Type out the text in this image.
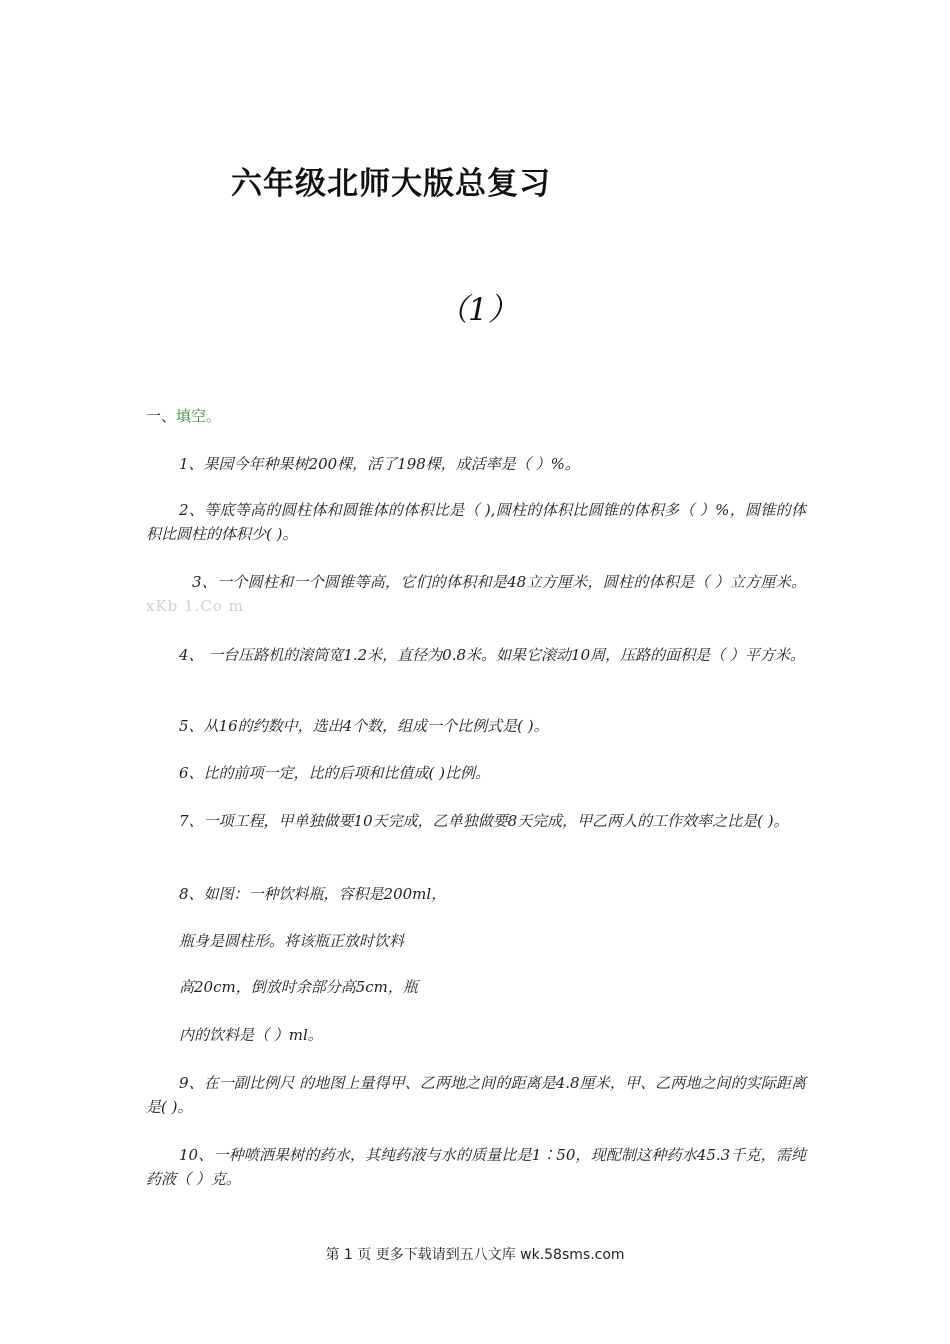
六年级北师大版总复习
（1）
一、填空。
1、果园今年种果树200棵，活了198棵，成活率是（ ）%。
2、等底等高的圆柱体和圆锥体的体积比是（ ),圆柱的体积比圆锥的体积多（ ）%，圆锥的体积比圆柱的体积少( )。
3、一个圆柱和一个圆锥等高，它们的体积和是48立方厘米，圆柱的体积是（ ）立方厘米。xKb 1.Co m
4、 一台压路机的滚筒宽1.2米，直径为0.8米。如果它滚动10周，压路的面积是（ ）平方米。
5、从16的约数中，选出4个数，组成一个比例式是( )。
6、比的前项一定，比的后项和比值成( )比例。
7、一项工程，甲单独做要10天完成，乙单独做要8天完成，甲乙两人的工作效率之比是( )。
8、如图：一种饮料瓶，容积是200ml，
瓶身是圆柱形。将该瓶正放时饮料
高20cm，倒放时余部分高5cm，瓶
内的饮料是（ ）ml。
9、在一副比例尺 的地图上量得甲、乙两地之间的距离是4.8厘米，甲、乙两地之间的实际距离是( )。
10、一种喷洒果树的药水，其纯药液与水的质量比是1∶50，现配制这种药水45.3千克，需纯药液（ ）克。
第 1 页 更多下载请到五八文库 wk.58sms.com
